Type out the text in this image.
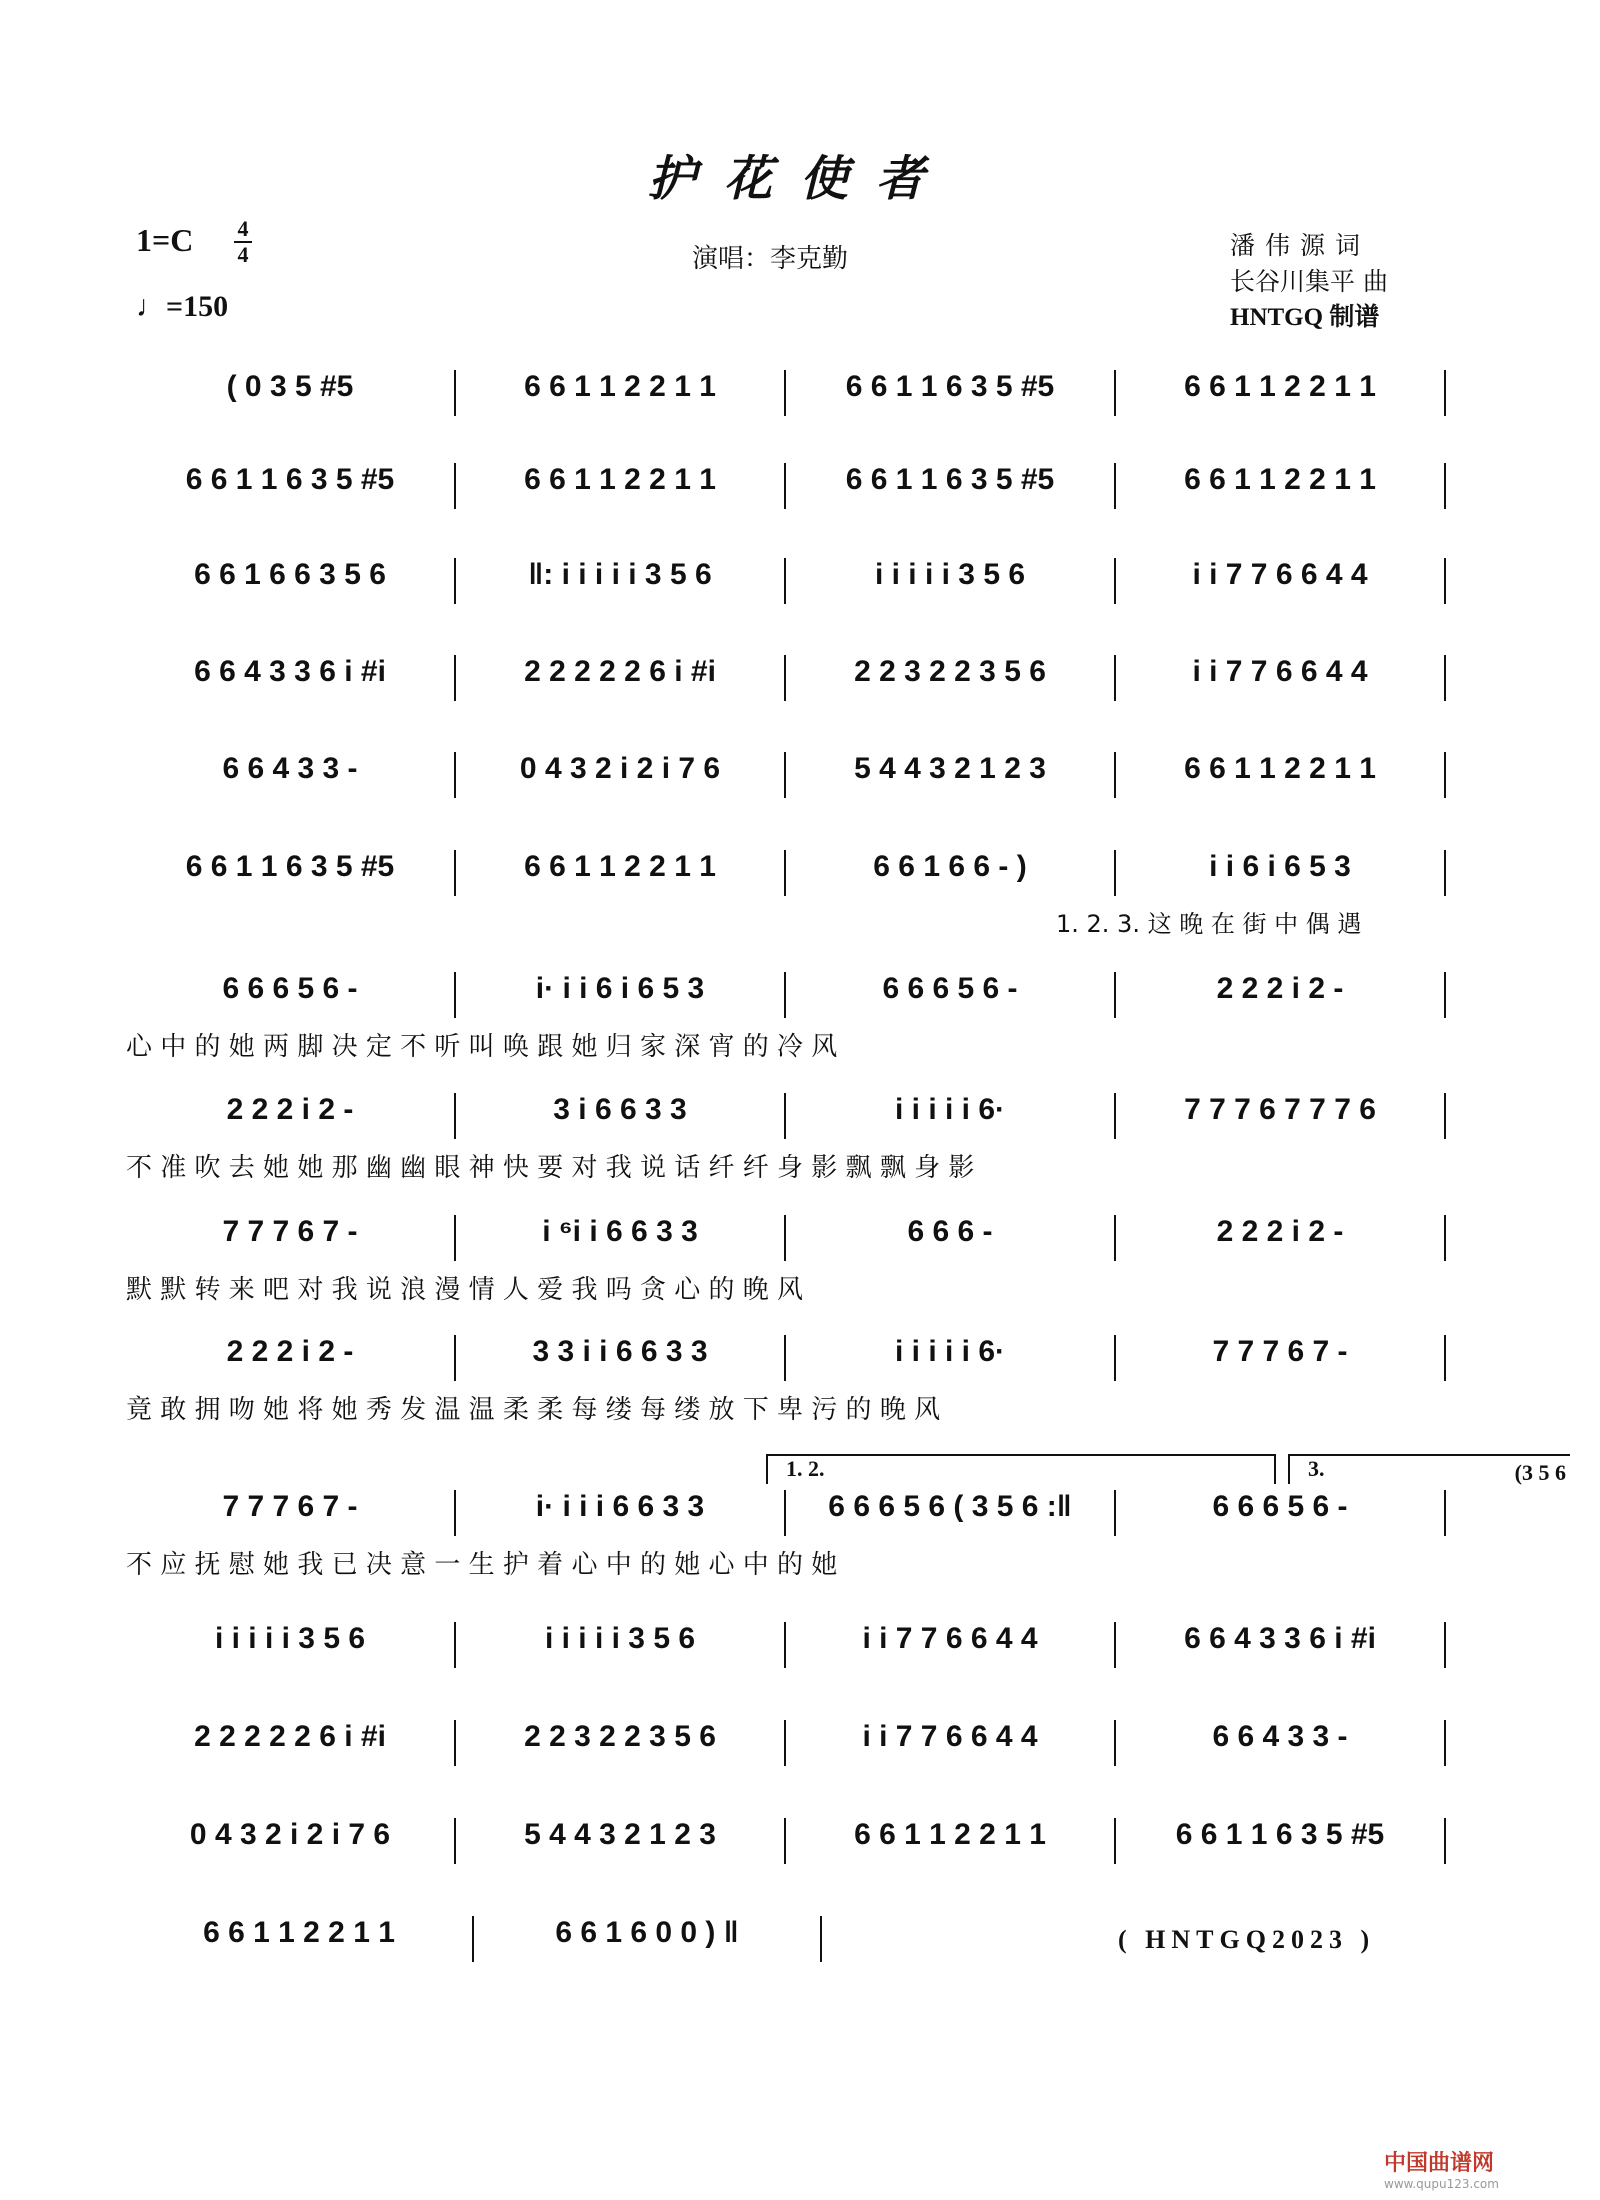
护花使者
1=C 4
4
♩=150
演唱：李克勤	潘伟源词
长谷川集平 曲
HNTGQ 制谱
( 0 3 5 #5	6 6 1 1 2 2 1 1	6 6 1 1 6 3 5 #5	6 6 1 1 2 2 1 1
6 6 1 1 6 3 5 #5	6 6 1 1 2 2 1 1	6 6 1 1 6 3 5 #5	6 6 1 1 2 2 1 1
6 6 1 6 6 3 5 6	‖: i i i i i 3 5 6	i i i i i 3 5 6	i i 7 7 6 6 4 4
6 6 4 3 3 6 i #i	2 2 2 2 2 6 i #i	2 2 3 2 2 3 5 6	i i 7 7 6 6 4 4
6 6 4 3 3 -	0 4 3 2 i 2 i 7 6	5 4 4 3 2 1 2 3	6 6 1 1 2 2 1 1
6 6 1 1 6 3 5 #5	6 6 1 1 2 2 1 1	6 6 1 6 6 - )	i i 6 i 6 5 3
1. 2. 3. 这 晚 在 街 中 偶 遇
6 6 6 5 6 -	i· i i 6 i 6 5 3	6 6 6 5 6 -	2 2 2 i 2 -
心 中 的 她 两 脚 决 定 不 听 叫 唤 跟 她 归 家 深 宵 的 冷 风
2 2 2 i 2 -	3 i 6 6 3 3	i i i i i 6·	7 7 7 6 7 7 7 6
不 准 吹 去 她 她 那 幽 幽 眼 神 快 要 对 我 说 话 纤 纤 身 影 飘 飘 身 影
7 7 7 6 7 -	i ⁶i i 6 6 3 3	6 6 6 -	2 2 2 i 2 -
默 默 转 来 吧 对 我 说 浪 漫 情 人 爱 我 吗 贪 心 的 晚 风
2 2 2 i 2 -	3 3 i i 6 6 3 3	i i i i i 6·	7 7 7 6 7 -
竟 敢 拥 吻 她 将 她 秀 发 温 温 柔 柔 每 缕 每 缕 放 下 卑 污 的 晚 风
7 7 7 6 7 -	i· i i i 6 6 3 3	6 6 6 5 6 ( 3 5 6 :‖	6 6 6 5 6 -
不 应 抚 慰 她 我 已 决 意 一 生 护 着 心 中 的 她 心 中 的 她
1. 2.	3.	(3 5 6
i i i i i 3 5 6	i i i i i 3 5 6	i i 7 7 6 6 4 4	6 6 4 3 3 6 i #i
2 2 2 2 2 6 i #i	2 2 3 2 2 3 5 6	i i 7 7 6 6 4 4	6 6 4 3 3 -
0 4 3 2 i 2 i 7 6	5 4 4 3 2 1 2 3	6 6 1 1 2 2 1 1	6 6 1 1 6 3 5 #5
6 6 1 1 2 2 1 1	6 6 1 6 0 0 ) ‖	( HNTGQ2023 )
中国曲谱网
www.qupu123.com
